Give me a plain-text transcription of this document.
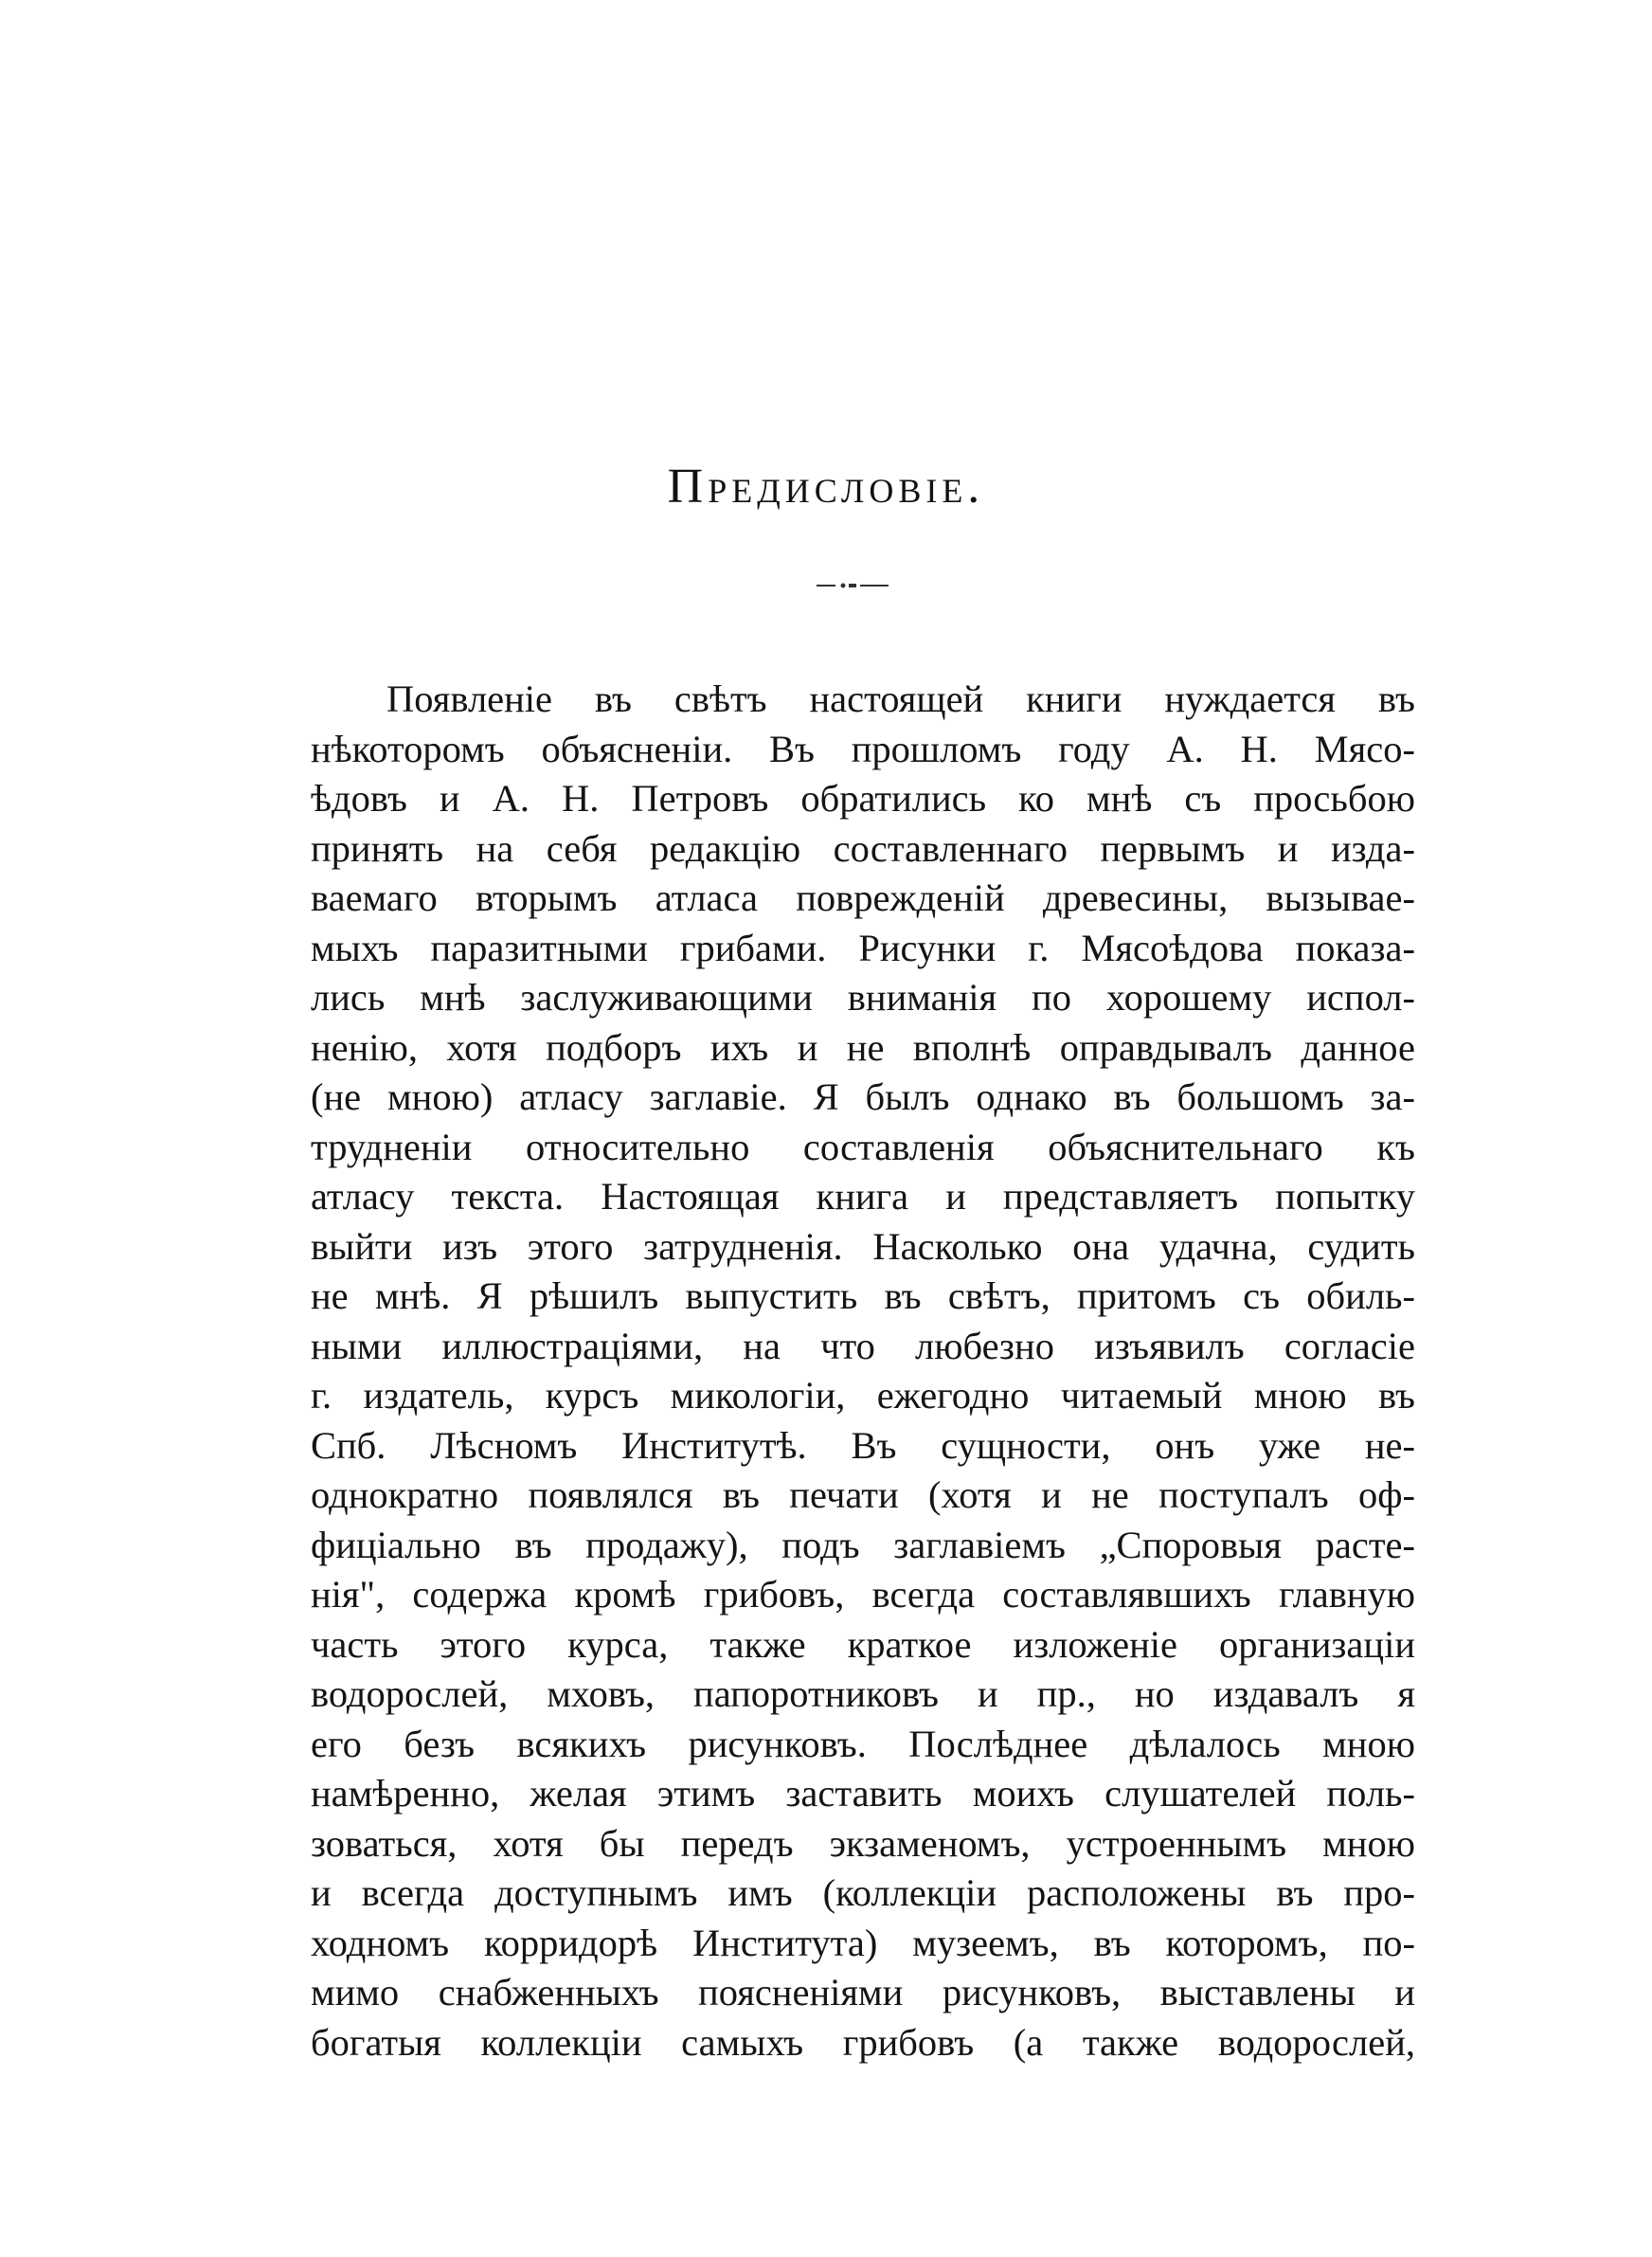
Предисловіе.
Появленіе въ свѣтъ настоящей книги нуждается въ
нѣкоторомъ объясненіи. Въ прошломъ году А. Н. Мясо-
ѣдовъ и А. Н. Петровъ обратились ко мнѣ съ просьбою
принять на себя редакцію составленнаго первымъ и изда-
ваемаго вторымъ атласа поврежденій древесины, вызывае-
мыхъ паразитными грибами. Рисунки г. Мясоѣдова показа-
лись мнѣ заслуживающими вниманія по хорошему испол-
ненію, хотя подборъ ихъ и не вполнѣ оправдывалъ данное
(не мною) атласу заглавіе. Я былъ однако въ большомъ за-
трудненіи относительно составленія объяснительнаго къ
атласу текста. Настоящая книга и представляетъ попытку
выйти изъ этого затрудненія. Насколько она удачна, судить
не мнѣ. Я рѣшилъ выпустить въ свѣтъ, притомъ съ обиль-
ными иллюстраціями, на что любезно изъявилъ согласіе
г. издатель, курсъ микологіи, ежегодно читаемый мною въ
Спб. Лѣсномъ Институтѣ. Въ сущности, онъ уже не-
однократно появлялся въ печати (хотя и не поступалъ оф-
фиціально въ продажу), подъ заглавіемъ „Споровыя расте-
нія", содержа кромѣ грибовъ, всегда составлявшихъ главную
часть этого курса, также краткое изложеніе организаціи
водорослей, мховъ, папоротниковъ и пр., но издавалъ я
его безъ всякихъ рисунковъ. Послѣднее дѣлалось мною
намѣренно, желая этимъ заставить моихъ слушателей поль-
зоваться, хотя бы передъ экзаменомъ, устроеннымъ мною
и всегда доступнымъ имъ (коллекціи расположены въ про-
ходномъ корридорѣ Института) музеемъ, въ которомъ, по-
мимо снабженныхъ поясненіями рисунковъ, выставлены и
богатыя коллекціи самыхъ грибовъ (а также водорослей,
